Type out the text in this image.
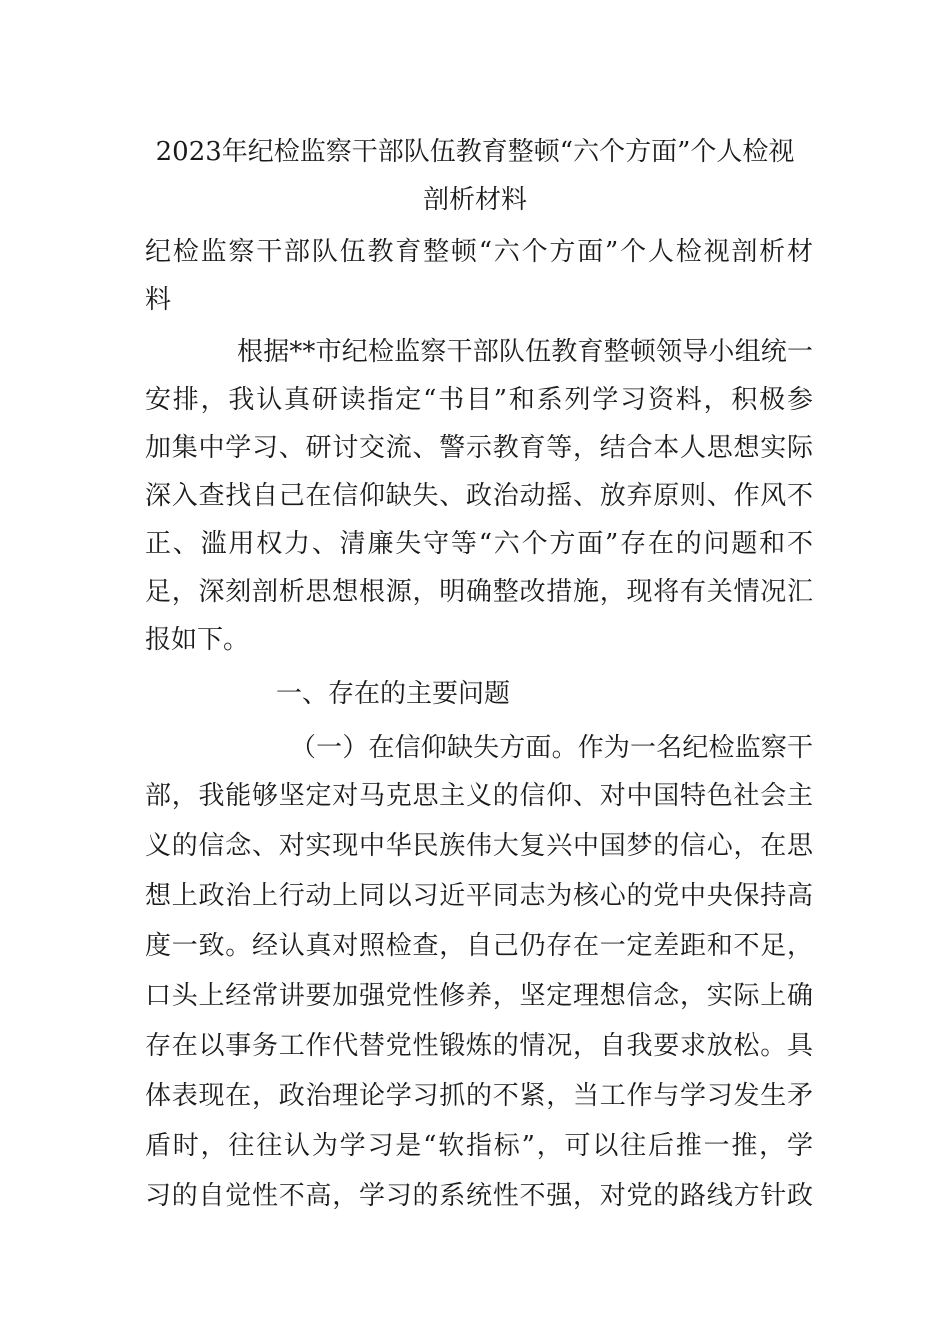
2023年纪检监察干部队伍教育整顿“六个方面”个人检视
剖析材料

纪检监察干部队伍教育整顿“六个方面”个人检视剖析材

料

根据**市纪检监察干部队伍教育整顿领导小组统一

安排，我认真研读指定“书目”和系列学习资料，积极参

加集中学习、研讨交流、警示教育等，结合本人思想实际

深入查找自己在信仰缺失、政治动摇、放弃原则、作风不

正、滥用权力、清廉失守等“六个方面”存在的问题和不

足，深刻剖析思想根源，明确整改措施，现将有关情况汇

报如下。

一、存在的主要问题

（一）在信仰缺失方面。作为一名纪检监察干

部，我能够坚定对马克思主义的信仰、对中国特色社会主

义的信念、对实现中华民族伟大复兴中国梦的信心，在思

想上政治上行动上同以习近平同志为核心的党中央保持高

度一致。经认真对照检查，自己仍存在一定差距和不足，

口头上经常讲要加强党性修养，坚定理想信念，实际上确

存在以事务工作代替党性锻炼的情况，自我要求放松。具

体表现在，政治理论学习抓的不紧，当工作与学习发生矛

盾时，往往认为学习是“软指标”，可以往后推一推，学

习的自觉性不高，学习的系统性不强，对党的路线方针政
